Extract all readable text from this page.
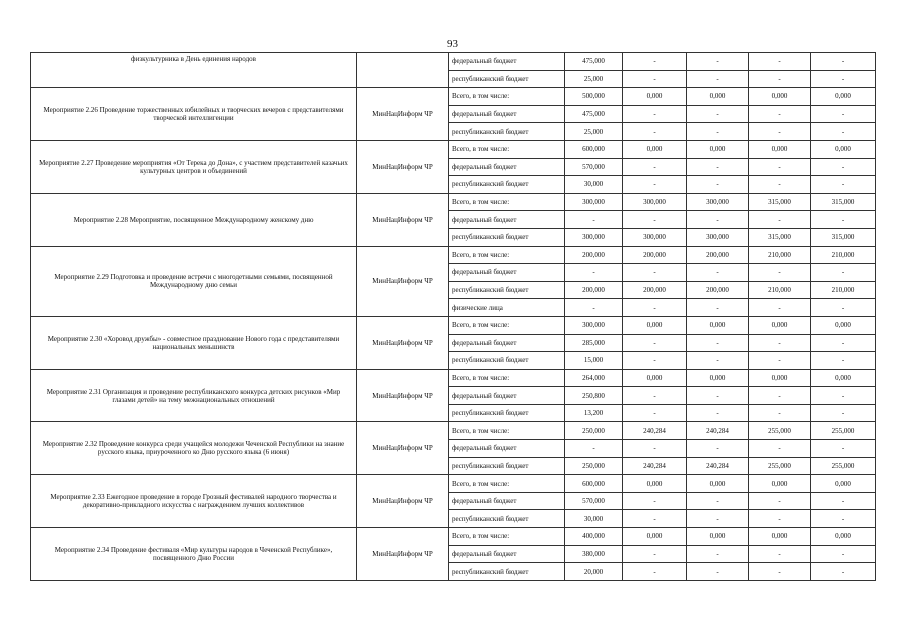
93
физкультурника в День единения народов		федеральный бюджет	475,000	-	-	-	-
		республиканский бюджет	25,000	-	-	-	-
Мероприятие 2.26 Проведение торжественных юбилейных и творческих вечеров с представителями творческой интеллигенции	МинНацИнформ ЧР	Всего, в том числе:	500,000	0,000	0,000	0,000	0,000
		федеральный бюджет	475,000	-	-	-	-
		республиканский бюджет	25,000	-	-	-	-
Мероприятие 2.27 Проведение мероприятия «От Терека до Дона», с участием представителей казачьих культурных центров и объединений	МинНацИнформ ЧР	Всего, в том числе:	600,000	0,000	0,000	0,000	0,000
		федеральный бюджет	570,000	-	-	-	-
		республиканский бюджет	30,000	-	-	-	-
Мероприятие 2.28 Мероприятие, посвященное Международному женскому дню	МинНацИнформ ЧР	Всего, в том числе:	300,000	300,000	300,000	315,000	315,000
		федеральный бюджет	-	-	-	-	-
		республиканский бюджет	300,000	300,000	300,000	315,000	315,000
Мероприятие 2.29 Подготовка и проведение встречи с многодетными семьями, посвященной Международному дню семьи	МинНацИнформ ЧР	Всего, в том числе:	200,000	200,000	200,000	210,000	210,000
		федеральный бюджет	-	-	-	-	-
		республиканский бюджет	200,000	200,000	200,000	210,000	210,000
		физические лица	-	-	-	-	-
Мероприятие 2.30 «Хоровод дружбы» - совместное празднование Нового года с представителями национальных меньшинств	МинНацИнформ ЧР	Всего, в том числе:	300,000	0,000	0,000	0,000	0,000
		федеральный бюджет	285,000	-	-	-	-
		республиканский бюджет	15,000	-	-	-	-
Мероприятие 2.31 Организация и проведение республиканского конкурса детских рисунков «Мир глазами детей» на тему межнациональных отношений	МинНацИнформ ЧР	Всего, в том числе:	264,000	0,000	0,000	0,000	0,000
		федеральный бюджет	250,800	-	-	-	-
		республиканский бюджет	13,200	-	-	-	-
Мероприятие 2.32 Проведение конкурса среди учащейся молодежи Чеченской Республики на знание русского языка, приуроченного ко Дню русского языка (6 июня)	МинНацИнформ ЧР	Всего, в том числе:	250,000	240,284	240,284	255,000	255,000
		федеральный бюджет	-	-	-	-	-
		республиканский бюджет	250,000	240,284	240,284	255,000	255,000
Мероприятие 2.33 Ежегодное проведение в городе Грозный фестивалей народного творчества и декоративно-прикладного искусства с награждением лучших коллективов	МинНацИнформ ЧР	Всего, в том числе:	600,000	0,000	0,000	0,000	0,000
		федеральный бюджет	570,000	-	-	-	-
		республиканский бюджет	30,000	-	-	-	-
Мероприятие 2.34 Проведение фестиваля «Мир культуры народов в Чеченской Республике», посвященного Дню России	МинНацИнформ ЧР	Всего, в том числе:	400,000	0,000	0,000	0,000	0,000
		федеральный бюджет	380,000	-	-	-	-
		республиканский бюджет	20,000	-	-	-	-
